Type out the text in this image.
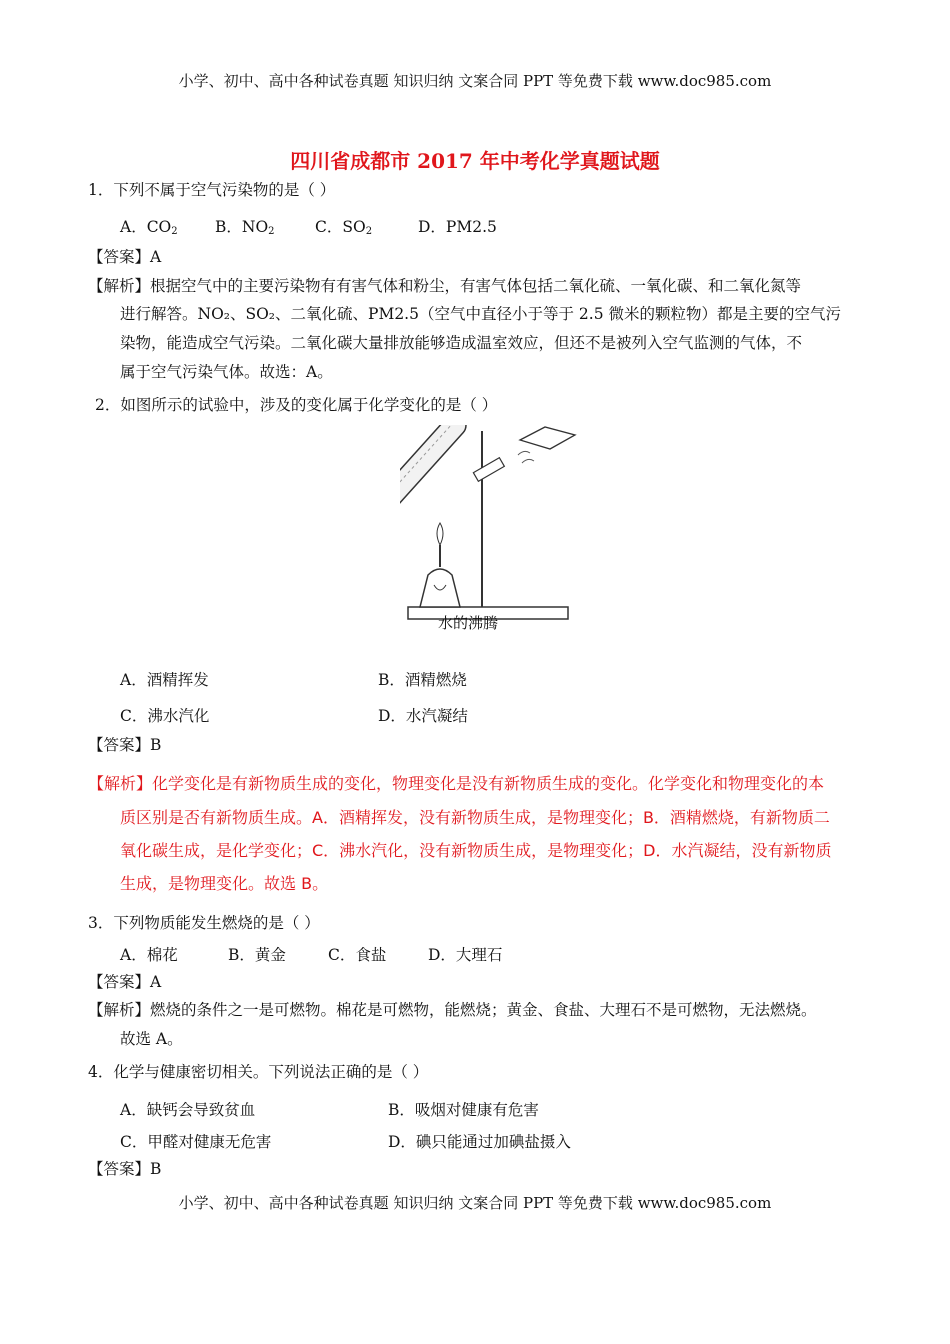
小学、初中、高中各种试卷真题 知识归纳 文案合同 PPT 等免费下载 www.doc985.com
四川省成都市 2017 年中考化学真题试题
1．下列不属于空气污染物的是（ ）
A．$CO_2$ B．$NO_2$	C．$SO_2$	D．PM2.5
【答案】A
【解析】根据空气中的主要污染物有有害气体和粉尘，有害气体包括二氧化硫、一氧化碳、和二氧化氮等
进行解答。NO₂、SO₂、二氧化硫、PM2.5（空气中直径小于等于 2.5 微米的颗粒物）都是主要的空气污
染物，能造成空气污染。二氧化碳大量排放能够造成温室效应，但还不是被列入空气监测的气体，不
属于空气污染气体。故选：A。
2．如图所示的试验中，涉及的变化属于化学变化的是（ ）
水的沸腾
A．酒精挥发	B．酒精燃烧
C．沸水汽化	D．水汽凝结
【答案】B
【解析】化学变化是有新物质生成的变化，物理变化是没有新物质生成的变化。化学变化和物理变化的本
质区别是否有新物质生成。A．酒精挥发，没有新物质生成，是物理变化；B．酒精燃烧，有新物质二
氧化碳生成，是化学变化；C．沸水汽化，没有新物质生成，是物理变化；D．水汽凝结，没有新物质
生成，是物理变化。故选 B。
3．下列物质能发生燃烧的是（ ）
A．棉花	B．黄金	C．食盐	D．大理石
【答案】A
【解析】燃烧的条件之一是可燃物。棉花是可燃物，能燃烧；黄金、食盐、大理石不是可燃物，无法燃烧。
故选 A。
4．化学与健康密切相关。下列说法正确的是（ ）
A．缺钙会导致贫血	B．吸烟对健康有危害
C．甲醛对健康无危害	D．碘只能通过加碘盐摄入
【答案】B
小学、初中、高中各种试卷真题 知识归纳 文案合同 PPT 等免费下载 www.doc985.com
